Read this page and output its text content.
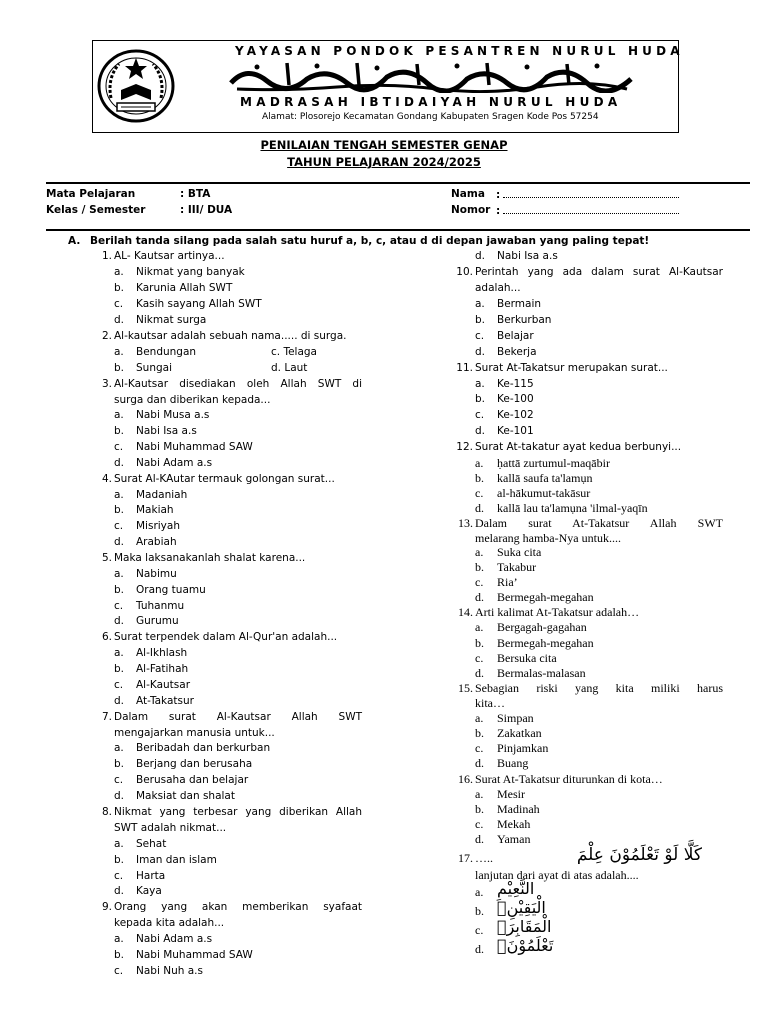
YAYASAN PONDOK PESANTREN NURUL HUDA
MADRASAH IBTIDAIYAH NURUL HUDA
Alamat: Plosorejo Kecamatan Gondang Kabupaten Sragen Kode Pos 57254
PENILAIAN TENGAH SEMESTER GENAP
TAHUN PELAJARAN 2024/2025
Mata Pelajaran	: BTA
Kelas / Semester	: III/ DUA
Nama :
Nomor :
A. Berilah tanda silang pada salah satu huruf a, b, c, atau d di depan jawaban yang paling tepat!
1. AL- Kautsar artinya...
a. Nikmat yang banyak
b. Karunia Allah SWT
c. Kasih sayang Allah SWT
d. Nikmat surga
2. Al-kautsar adalah sebuah nama..... di surga.
a. Bendungan
b. Sungai
c. Telaga
d. Laut
3. Al-Kautsar disediakan oleh Allah SWT di
surga dan diberikan kepada...
a. Nabi Musa a.s
b. Nabi Isa a.s
c. Nabi Muhammad SAW
d. Nabi Adam a.s
4. Surat Al-KAutar termauk golongan surat...
a. Madaniah
b. Makiah
c. Misriyah
d. Arabiah
5. Maka laksanakanlah shalat karena...
a. Nabimu
b. Orang tuamu
c. Tuhanmu
d. Gurumu
6. Surat terpendek dalam Al-Qur'an adalah...
a. Al-Ikhlash
b. Al-Fatihah
c. Al-Kautsar
d. At-Takatsur
7. Dalam surat Al-Kautsar Allah SWT
mengajarkan manusia untuk...
a. Beribadah dan berkurban
b. Berjang dan berusaha
c. Berusaha dan belajar
d. Maksiat dan shalat
8. Nikmat yang terbesar yang diberikan Allah
SWT adalah nikmat...
a. Sehat
b. Iman dan islam
c. Harta
d. Kaya
9. Orang yang akan memberikan syafaat
kepada kita adalah...
a. Nabi Adam a.s
b. Nabi Muhammad SAW
c. Nabi Nuh a.s
d. Nabi Isa a.s
10. Perintah yang ada dalam surat Al-Kautsar
adalah...
a. Bermain
b. Berkurban
c. Belajar
d. Bekerja
11. Surat At-Takatsur merupakan surat...
a. Ke-115
b. Ke-100
c. Ke-102
d. Ke-101
12. Surat At-takatur ayat kedua berbunyi...
a. ḥattā zurtumul-maqābir
b. kallā saufa ta'lamụn
c. al-hākumut-takāsur
d. kallā lau ta'lamụna 'ilmal-yaqīn
13. Dalam surat At-Takatsur Allah SWT
melarang hamba-Nya untuk....
a. Suka cita
b. Takabur
c. Ria’
d. Bermegah-megahan
14. Arti kalimat At-Takatsur adalah…
a. Bergagah-gagahan
b. Bermegah-megahan
c. Bersuka cita
d. Bermalas-malasan
15. Sebagian riski yang kita miliki harus
kita…
a. Simpan
b. Zakatkan
c. Pinjamkan
d. Buang
16. Surat At-Takatsur diturunkan di kota…
a. Mesir
b. Madinah
c. Mekah
d. Yaman
17. …..	كَلَّا لَوْ تَعْلَمُوْنَ عِلْمَ
lanjutan dari ayat di atas adalah....
a. النَّعِيْمِ
b. الْيَقِيْنِۗ
c. الْمَقَابِرَۗ
d. تَعْلَمُوْنَۙ
